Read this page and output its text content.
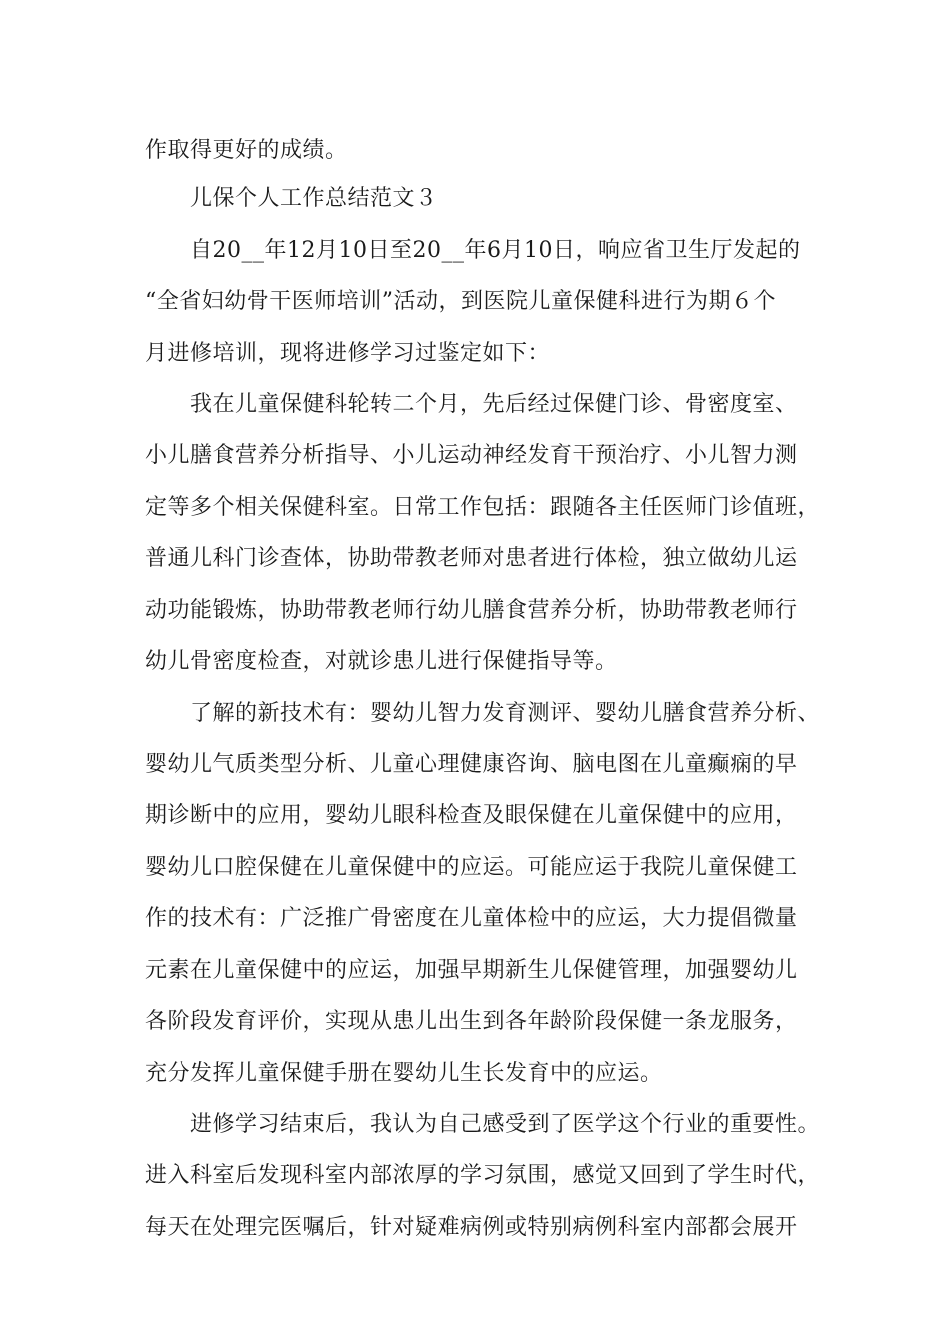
作取得更好的成绩。
儿保个人工作总结范文３
自20__年12月10日至20__年6月10日，响应省卫生厅发起的
“全省妇幼骨干医师培训”活动，到医院儿童保健科进行为期６个
月进修培训，现将进修学习过鉴定如下：
我在儿童保健科轮转二个月，先后经过保健门诊、骨密度室、
小儿膳食营养分析指导、小儿运动神经发育干预治疗、小儿智力测
定等多个相关保健科室。日常工作包括：跟随各主任医师门诊值班，
普通儿科门诊查体，协助带教老师对患者进行体检，独立做幼儿运
动功能锻炼，协助带教老师行幼儿膳食营养分析，协助带教老师行
幼儿骨密度检查，对就诊患儿进行保健指导等。
了解的新技术有：婴幼儿智力发育测评、婴幼儿膳食营养分析、
婴幼儿气质类型分析、儿童心理健康咨询、脑电图在儿童癫痫的早
期诊断中的应用，婴幼儿眼科检查及眼保健在儿童保健中的应用，
婴幼儿口腔保健在儿童保健中的应运。可能应运于我院儿童保健工
作的技术有：广泛推广骨密度在儿童体检中的应运，大力提倡微量
元素在儿童保健中的应运，加强早期新生儿保健管理，加强婴幼儿
各阶段发育评价，实现从患儿出生到各年龄阶段保健一条龙服务，
充分发挥儿童保健手册在婴幼儿生长发育中的应运。
进修学习结束后，我认为自己感受到了医学这个行业的重要性。
进入科室后发现科室内部浓厚的学习氛围，感觉又回到了学生时代，
每天在处理完医嘱后，针对疑难病例或特别病例科室内部都会展开
